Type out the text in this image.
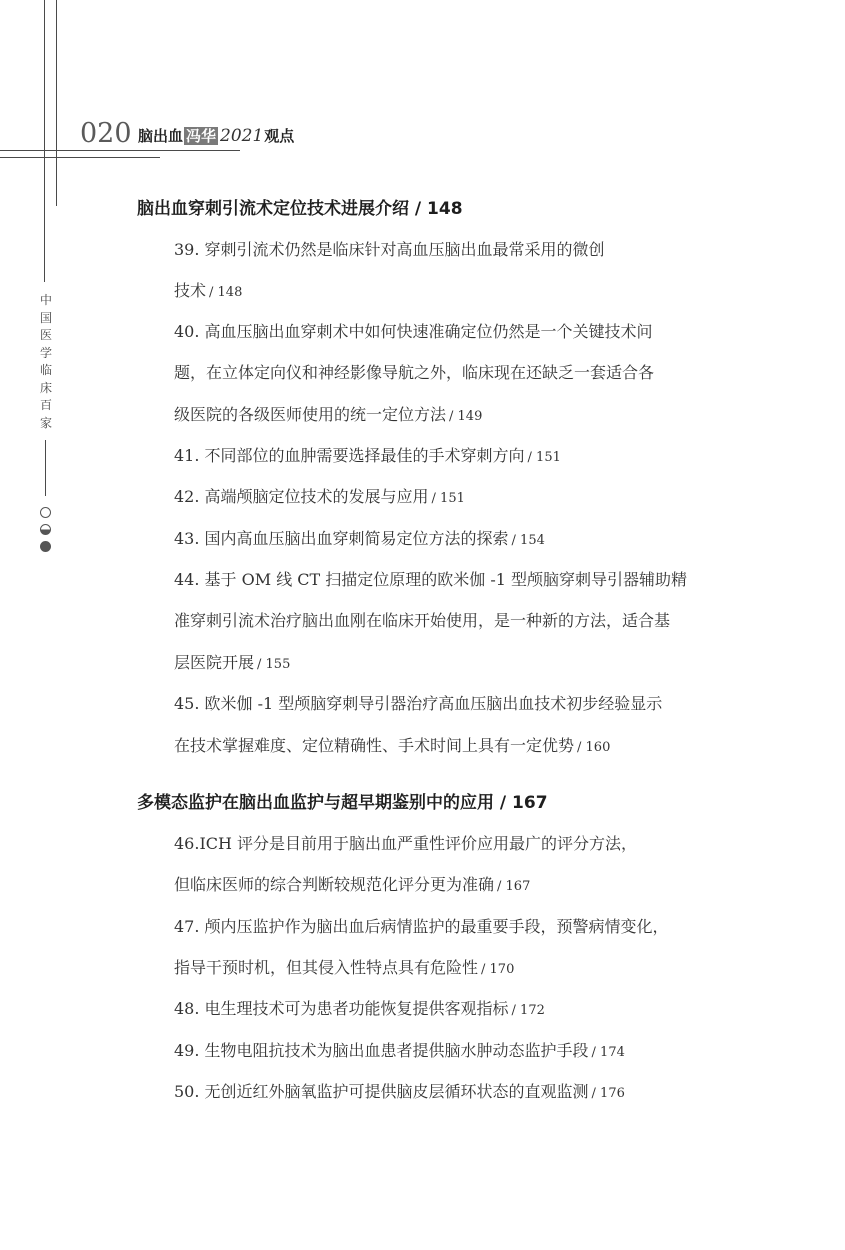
020 脑出血 冯华 2021观点
中国医学临床百家
脑出血穿刺引流术定位技术进展介绍 / 148
39. 穿刺引流术仍然是临床针对高血压脑出血最常采用的微创
技术 / 148
40. 高血压脑出血穿刺术中如何快速准确定位仍然是一个关键技术问
题，在立体定向仪和神经影像导航之外，临床现在还缺乏一套适合各
级医院的各级医师使用的统一定位方法 / 149
41. 不同部位的血肿需要选择最佳的手术穿刺方向 / 151
42. 高端颅脑定位技术的发展与应用 / 151
43. 国内高血压脑出血穿刺简易定位方法的探索 / 154
44. 基于 OM 线 CT 扫描定位原理的欧米伽 -1 型颅脑穿刺导引器辅助精
准穿刺引流术治疗脑出血刚在临床开始使用，是一种新的方法，适合基
层医院开展 / 155
45. 欧米伽 -1 型颅脑穿刺导引器治疗高血压脑出血技术初步经验显示
在技术掌握难度、定位精确性、手术时间上具有一定优势 / 160
多模态监护在脑出血监护与超早期鉴别中的应用 / 167
46.ICH 评分是目前用于脑出血严重性评价应用最广的评分方法，
但临床医师的综合判断较规范化评分更为准确 / 167
47. 颅内压监护作为脑出血后病情监护的最重要手段，预警病情变化，
指导干预时机，但其侵入性特点具有危险性 / 170
48. 电生理技术可为患者功能恢复提供客观指标 / 172
49. 生物电阻抗技术为脑出血患者提供脑水肿动态监护手段 / 174
50. 无创近红外脑氧监护可提供脑皮层循环状态的直观监测 / 176
